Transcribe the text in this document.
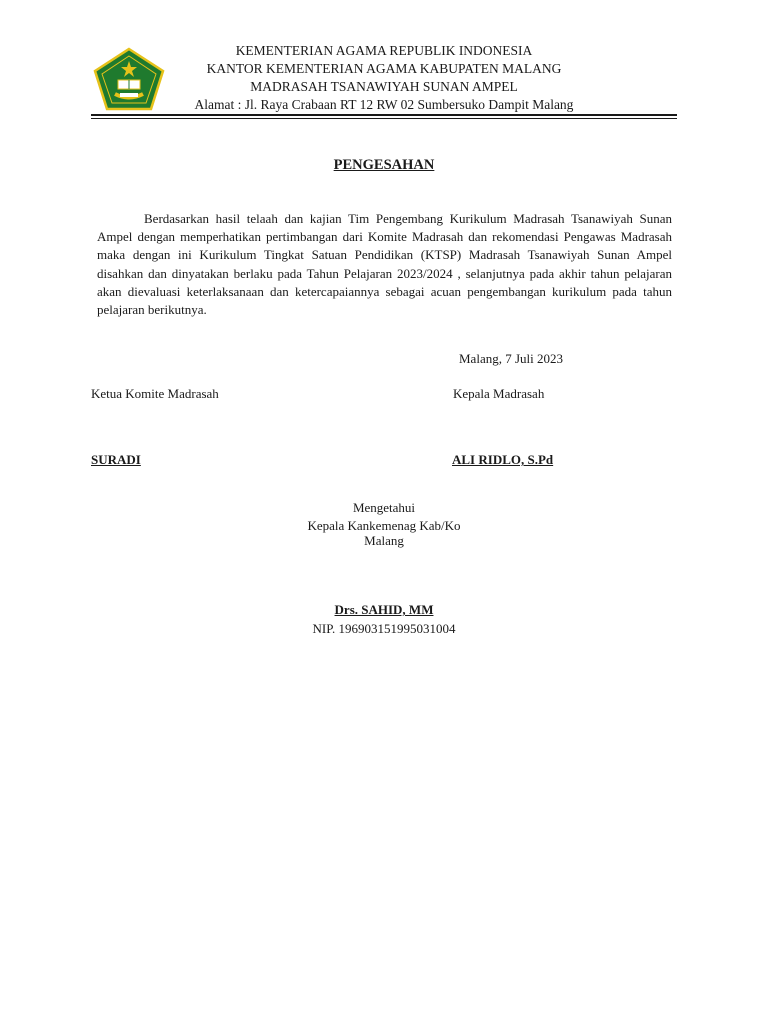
KEMENTERIAN AGAMA REPUBLIK INDONESIA
KANTOR KEMENTERIAN AGAMA KABUPATEN MALANG
MADRASAH TSANAWIYAH SUNAN AMPEL
Alamat : Jl. Raya Crabaan RT 12 RW 02 Sumbersuko Dampit Malang
PENGESAHAN
Berdasarkan hasil telaah dan kajian Tim Pengembang Kurikulum Madrasah Tsanawiyah Sunan Ampel dengan memperhatikan pertimbangan dari Komite Madrasah dan rekomendasi Pengawas Madrasah maka dengan ini Kurikulum Tingkat Satuan Pendidikan (KTSP) Madrasah Tsanawiyah Sunan Ampel disahkan dan dinyatakan berlaku pada Tahun Pelajaran 2023/2024 , selanjutnya pada akhir tahun pelajaran akan dievaluasi keterlaksanaan dan ketercapaiannya sebagai acuan pengembangan kurikulum pada tahun pelajaran berikutnya.
Malang, 7 Juli 2023
Ketua Komite Madrasah	Kepala Madrasah
SURADI	ALI RIDLO, S.Pd
Mengetahui
Kepala Kankemenag Kab/Ko
Malang
Drs. SAHID, MM
NIP. 196903151995031004
